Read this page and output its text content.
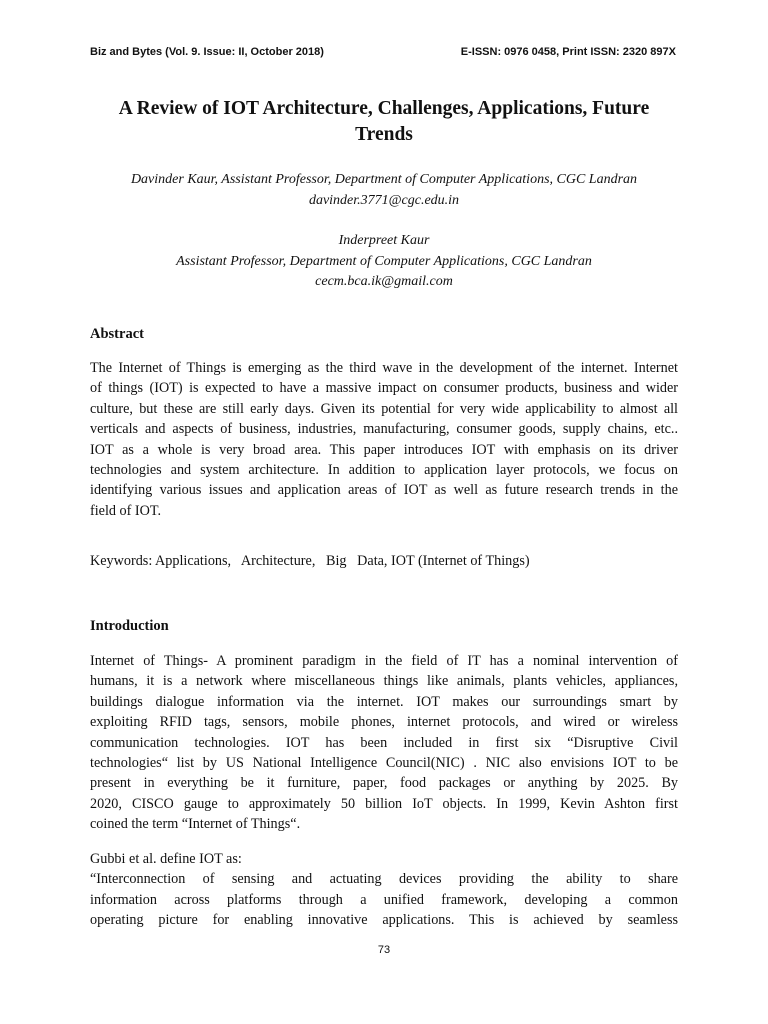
Biz and Bytes (Vol. 9. Issue: II, October 2018)	E-ISSN: 0976 0458, Print ISSN: 2320 897X
A Review of IOT Architecture, Challenges, Applications, Future
Trends
Davinder Kaur, Assistant Professor, Department of Computer Applications, CGC Landran
davinder.3771@cgc.edu.in
Inderpreet Kaur
Assistant Professor, Department of Computer Applications, CGC Landran
cecm.bca.ik@gmail.com
Abstract
The Internet of Things is emerging as the third wave in the development of the internet. Internet
of things (IOT) is expected to have a massive impact on consumer products, business and wider
culture, but these are still early days. Given its potential for very wide applicability to almost all
verticals and aspects of business, industries, manufacturing, consumer goods, supply chains, etc..
IOT as a whole is very broad area. This paper introduces IOT with emphasis on its driver
technologies and system architecture. In addition to application layer protocols, we focus on
identifying various issues and application areas of IOT as well as future research trends in the
field of IOT.
Keywords: Applications,   Architecture,   Big   Data, IOT (Internet of Things)
Introduction
Internet of Things- A prominent paradigm in the field of IT has a nominal intervention of
humans, it is a network where miscellaneous things like animals, plants vehicles, appliances,
buildings dialogue information via the internet. IOT makes our surroundings smart by
exploiting RFID tags, sensors, mobile phones, internet protocols, and wired or wireless
communication technologies. IOT has been included in first six “Disruptive Civil
technologies“ list by US National Intelligence Council(NIC) . NIC also envisions IOT to be
present in everything be it furniture, paper, food packages or anything by 2025. By
2020, CISCO gauge to approximately 50 billion IoT objects. In 1999, Kevin Ashton first
coined the term “Internet of Things“.
Gubbi et al. define IOT as:
“Interconnection of sensing and actuating devices providing the ability to share
information across platforms through a unified framework, developing a common
operating picture for enabling innovative applications. This is achieved by seamless
73
